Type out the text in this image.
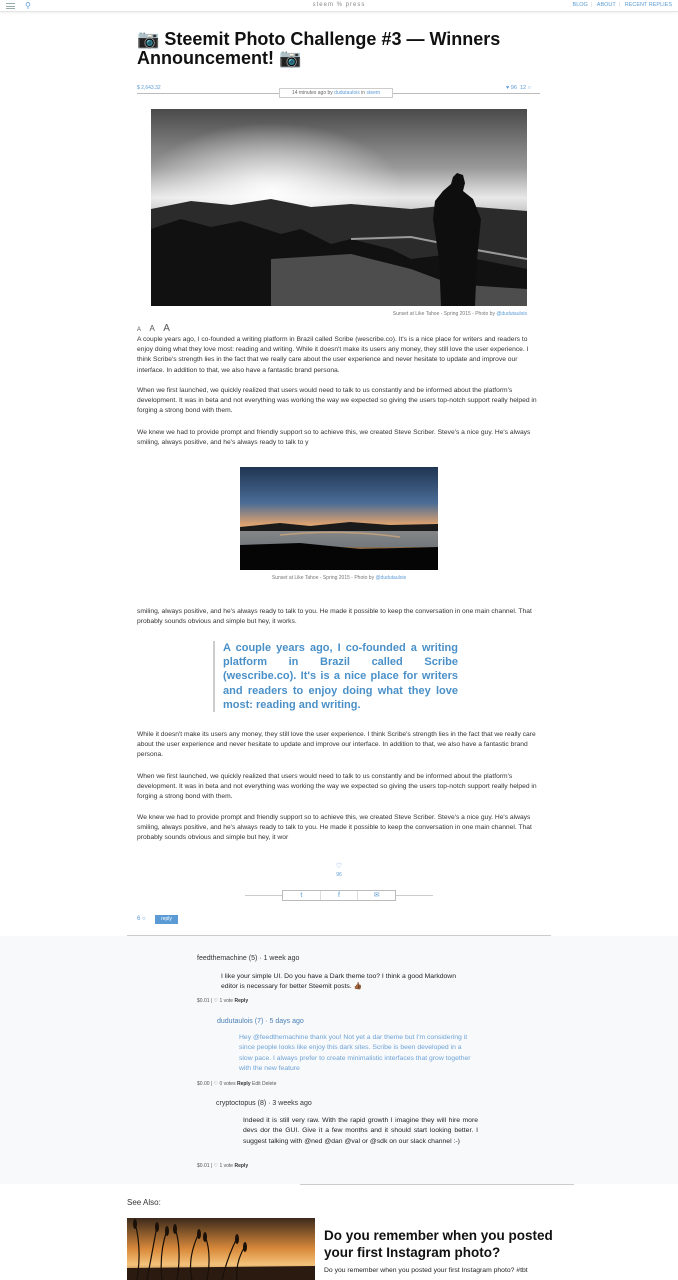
⚲	steem % press	BLOG | ABOUT | RECENT REPLIES
📷 Steemit Photo Challenge #3 — Winners Announcement! 📷
$ 2,643.32
14 minutes ago by dudutaulois in steem
♥ 96 12 ○
Sunset at Like Tahoe - Spring 2015 - Photo by @dudutaulois
A A A

A couple years ago, I co-founded a writing platform in Brazil called Scribe (wescribe.co). It's is a nice place for writers and readers to enjoy doing what they love most: reading and writing. While it doesn't make its users any money, they still love the user experience. I think Scribe's strength lies in the fact that we really care about the user experience and never hesitate to update and improve our interface. In addition to that, we also have a fantastic brand persona.

When we first launched, we quickly realized that users would need to talk to us constantly and be informed about the platform's development. It was in beta and not everything was working the way we expected so giving the users top-notch support really helped in forging a strong bond with them.

We knew we had to provide prompt and friendly support so to achieve this, we created Steve Scriber. Steve's a nice guy. He's always smiling, always positive, and he's always ready to talk to y

Sunset at Like Tahoe - Spring 2015 - Photo by @dudutaulois

smiling, always positive, and he's always ready to talk to you. He made it possible to keep the conversation in one main channel. That probably sounds obvious and simple but hey, it works.

A couple years ago, I co-founded a writing platform in Brazil called Scribe (wescribe.co). It's is a nice place for writers and readers to enjoy doing what they love most: reading and writing.

While it doesn't make its users any money, they still love the user experience. I think Scribe's strength lies in the fact that we really care about the user experience and never hesitate to update and improve our interface. In addition to that, we also have a fantastic brand persona.

When we first launched, we quickly realized that users would need to talk to us constantly and be informed about the platform's development. It was in beta and not everything was working the way we expected so giving the users top-notch support really helped in forging a strong bond with them.

We knew we had to provide prompt and friendly support so to achieve this, we created Steve Scriber. Steve's a nice guy. He's always smiling, always positive, and he's always ready to talk to you. He made it possible to keep the conversation in one main channel. That probably sounds obvious and simple but hey, it wor

♡
96
t	f	✉
6 ○	reply
feedthemachine (5) · 1 week ago
I like your simple UI. Do you have a Dark theme too? I think a good Markdown editor is necessary for better Steemit posts. 👍🏾
$0.01 | ♡ 1 vote Reply
dudutaulois (7) · 5 days ago
Hey @feedthemachine thank you! Not yet a dar theme but I'm considering it since people looks like enjoy this dark sites. Scribe is been developed in a slow pace. I always prefer to create minimalistic interfaces that grow together with the new feature
$0.00 | ♡ 0 votes Reply Edit Delete
cryptoctopus (8) · 3 weeks ago
Indeed it is still very raw. With the rapid growth I imagine they will hire more devs dor the GUI. Give it a few months and it should start looking better. I suggest talking with @ned @dan @val or @sdk on our slack channel :-)
$0.01 | ♡ 1 vote Reply
See Also:
Do you remember when you posted your first Instagram photo?

Do you remember when you posted your first Instagram photo? #tbt
